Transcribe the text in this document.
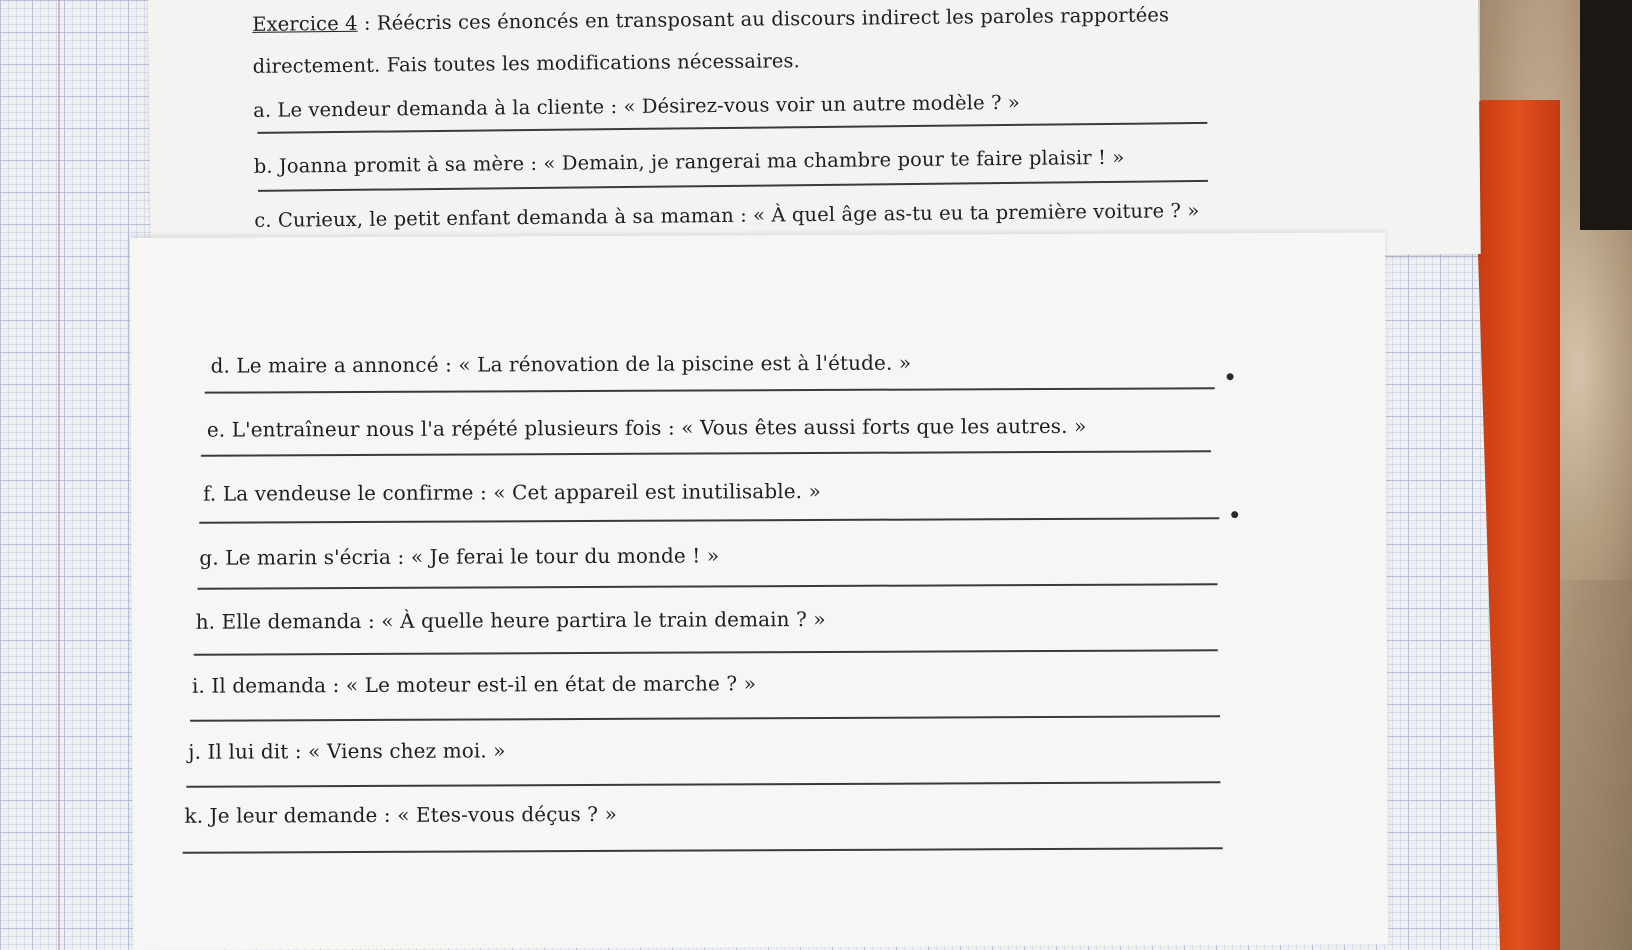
Exercice 4 : Réécris ces énoncés en transposant au discours indirect les paroles rapportées
directement. Fais toutes les modifications nécessaires.
a. Le vendeur demanda à la cliente : « Désirez-vous voir un autre modèle ? »
b. Joanna promit à sa mère : « Demain, je rangerai ma chambre pour te faire plaisir ! »
c. Curieux, le petit enfant demanda à sa maman : « À quel âge as-tu eu ta première voiture ? »
d. Le maire a annoncé : « La rénovation de la piscine est à l'étude. »
e. L'entraîneur nous l'a répété plusieurs fois : « Vous êtes aussi forts que les autres. »
f. La vendeuse le confirme : « Cet appareil est inutilisable. »
g. Le marin s'écria : « Je ferai le tour du monde ! »
h. Elle demanda : « À quelle heure partira le train demain ? »
i. Il demanda : « Le moteur est-il en état de marche ? »
j. Il lui dit : « Viens chez moi. »
k. Je leur demande : « Etes-vous déçus ? »
